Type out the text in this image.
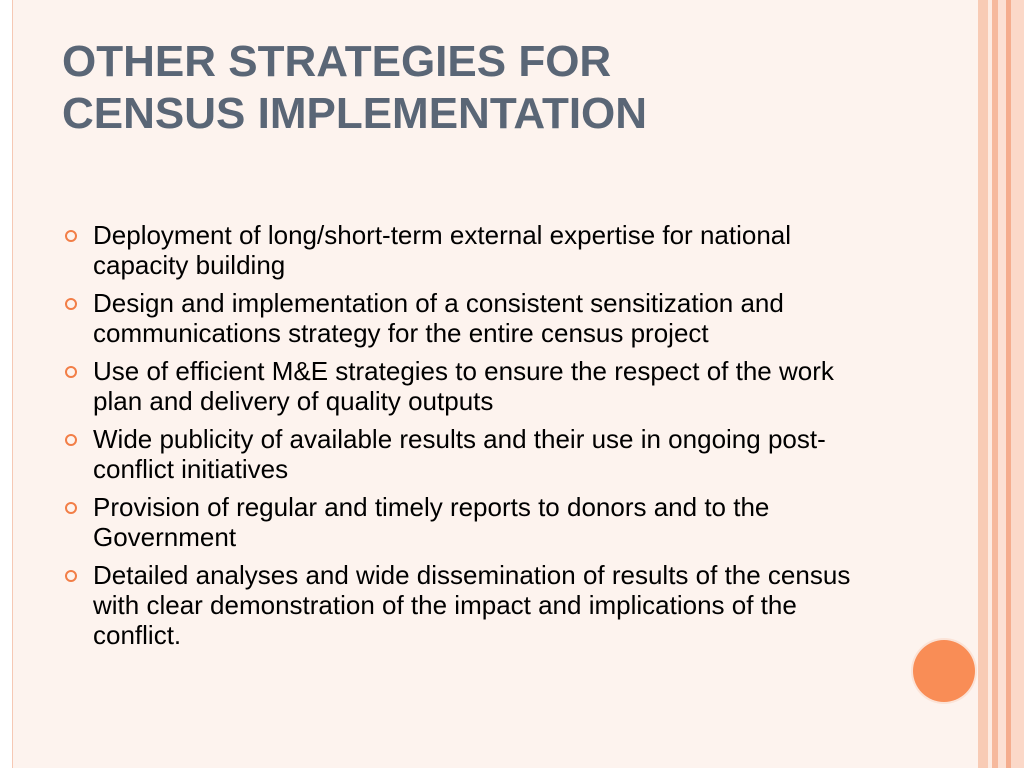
OTHER STRATEGIES FOR
CENSUS IMPLEMENTATION
Deployment of long/short-term external expertise for national capacity building
Design and implementation of a consistent sensitization and communications strategy for the entire census project
Use of efficient M&E strategies to ensure the respect of the work plan and delivery of quality outputs
Wide publicity of available results and their use in ongoing post-conflict initiatives
Provision of regular and timely reports to donors and to the Government
Detailed analyses and wide dissemination of results of the census with clear demonstration of the impact and implications of the conflict.
